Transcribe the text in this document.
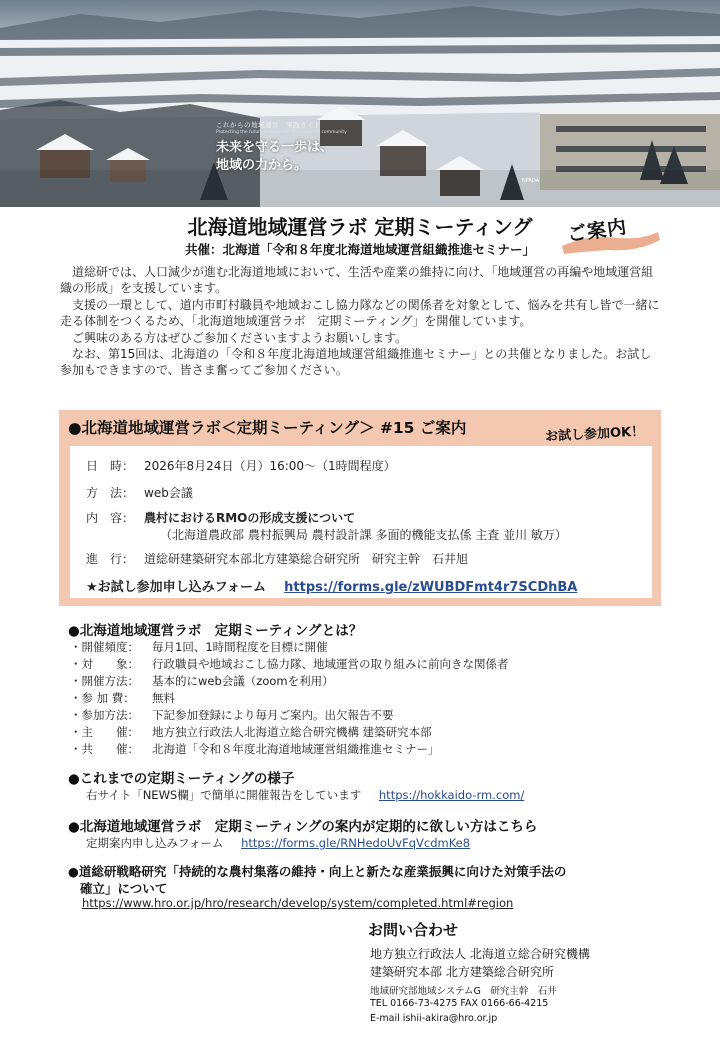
これからの地域運営　実践ガイド
Protecting the future begins with the power of community
未来を守る一歩は、
地域の力から。
NPADA
北海道地域運営ラボ 定期ミーティング
共催：北海道「令和８年度北海道地域運営組織推進セミナー」
ご案内

道総研では、人口減少が進む北海道地域において、生活や産業の維持に向け、「地域運営の再編や地域運営組織の形成」を支援しています。

支援の一環として、道内市町村職員や地域おこし協力隊などの関係者を対象として、悩みを共有し皆で一緒に走る体制をつくるため、「北海道地域運営ラボ　定期ミーティング」を開催しています。

ご興味のある方はぜひご参加くださいますようお願いします。

なお、第15回は、北海道の「令和８年度北海道地域運営組織推進セミナー」との共催となりました。お試し参加もできますので、皆さま奮ってご参加ください。

●北海道地域運営ラボ＜定期ミーティング＞ #15 ご案内	お試し参加OK！
日　時： 2026年8月24日（月）16:00～（1時間程度）
方　法： web会議
内　容： 農村におけるRMOの形成支援について
（北海道農政部 農村振興局 農村設計課 多面的機能支払係 主査 並川 敏万）
進　行： 道総研建築研究本部北方建築総合研究所　研究主幹　石井旭
★お試し参加申し込みフォーム https://forms.gle/zWUBDFmt4r7SCDhBA
●北海道地域運営ラボ　定期ミーティングとは？
・開催頻度： 毎月1回、1時間程度を目標に開催
・対　　象： 行政職員や地域おこし協力隊、地域運営の取り組みに前向きな関係者
・開催方法： 基本的にweb会議（zoomを利用）
・参 加 費： 無料
・参加方法： 下記参加登録により毎月ご案内。出欠報告不要
・主　　催： 地方独立行政法人北海道立総合研究機構 建築研究本部
・共　　催： 北海道「令和８年度北海道地域運営組織推進セミナー」
●これまでの定期ミーティングの様子
右サイト「NEWS欄」で簡単に開催報告をしています https://hokkaido-rm.com/
●北海道地域運営ラボ　定期ミーティングの案内が定期的に欲しい方はこちら
定期案内申し込みフォーム https://forms.gle/RNHedoUvFqVcdmKe8
●道総研戦略研究「持続的な農村集落の維持・向上と新たな産業振興に向けた対策手法の
確立」について
https://www.hro.or.jp/hro/research/develop/system/completed.html#region
お問い合わせ
地方独立行政法人 北海道立総合研究機構
建築研究本部 北方建築総合研究所
地域研究部地域システムG　研究主幹　石井
TEL 0166-73-4275 FAX 0166-66-4215
E-mail ishii-akira@hro.or.jp
